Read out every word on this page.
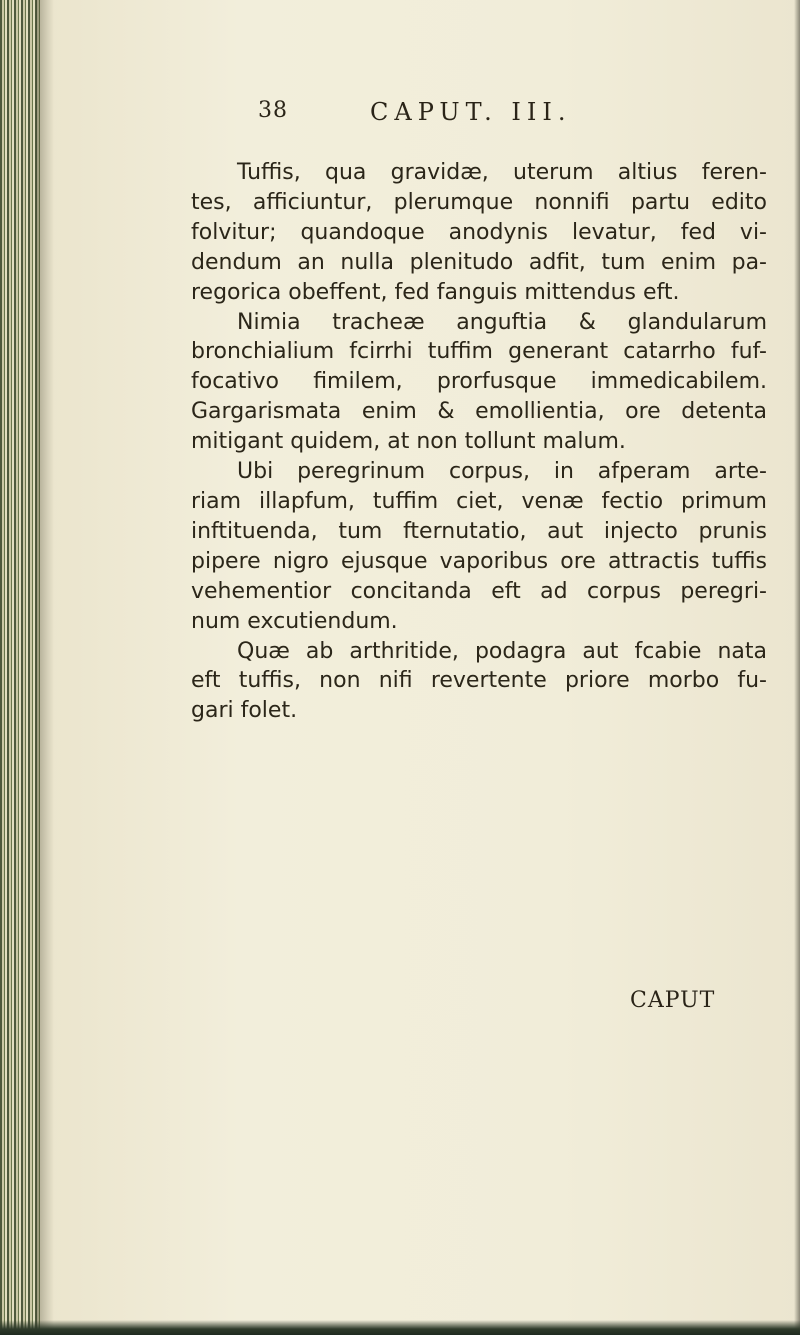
38	CAPUT. III.
Tuffis, qua gravidæ, uterum altius feren-
tes, afficiuntur, plerumque nonnifi partu edito
folvitur; quandoque anodynis levatur, fed vi-
dendum an nulla plenitudo adfit, tum enim pa-
regorica obeffent, fed fanguis mittendus eft.
Nimia tracheæ anguftia & glandularum
bronchialium fcirrhi tuffim generant catarrho fuf-
focativo fimilem, prorfusque immedicabilem.
Gargarismata enim & emollientia, ore detenta
mitigant quidem, at non tollunt malum.
Ubi peregrinum corpus, in afperam arte-
riam illapfum, tuffim ciet, venæ fectio primum
inftituenda, tum fternutatio, aut injecto prunis
pipere nigro ejusque vaporibus ore attractis tuffis
vehementior concitanda eft ad corpus peregri-
num excutiendum.
Quæ ab arthritide, podagra aut fcabie nata
eft tuffis, non nifi revertente priore morbo fu-
gari folet.
CAPUT
